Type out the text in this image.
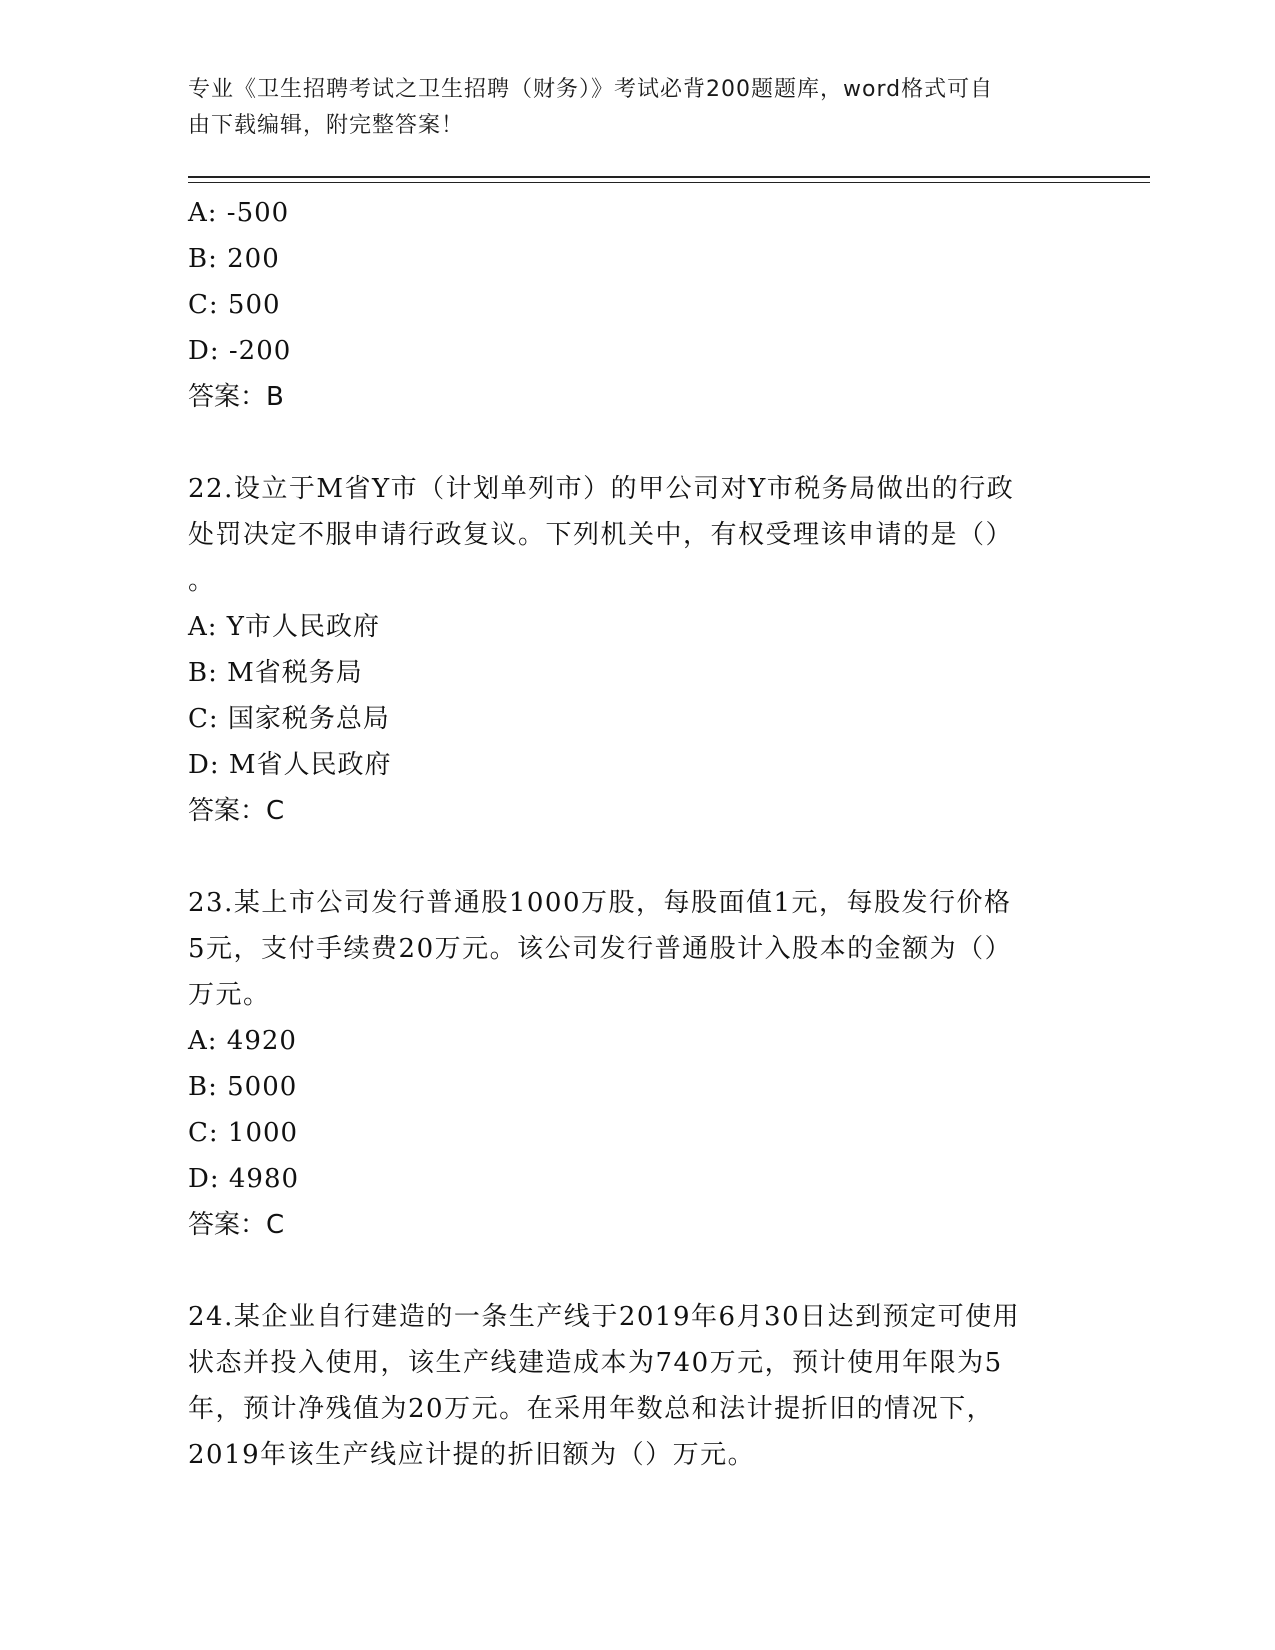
专业《卫生招聘考试之卫生招聘（财务）》考试必背200题题库，word格式可自
由下载编辑，附完整答案！
A: -500
B: 200
C: 500
D: -200
答案：B
22.设立于M省Y市（计划单列市）的甲公司对Y市税务局做出的行政
处罚决定不服申请行政复议。下列机关中，有权受理该申请的是（）
。
A: Y市人民政府
B: M省税务局
C: 国家税务总局
D: M省人民政府
答案：C
23.某上市公司发行普通股1000万股，每股面值1元，每股发行价格
5元，支付手续费20万元。该公司发行普通股计入股本的金额为（）
万元。
A: 4920
B: 5000
C: 1000
D: 4980
答案：C
24.某企业自行建造的一条生产线于2019年6月30日达到预定可使用
状态并投入使用，该生产线建造成本为740万元，预计使用年限为5
年，预计净残值为20万元。在采用年数总和法计提折旧的情况下，
2019年该生产线应计提的折旧额为（）万元。
